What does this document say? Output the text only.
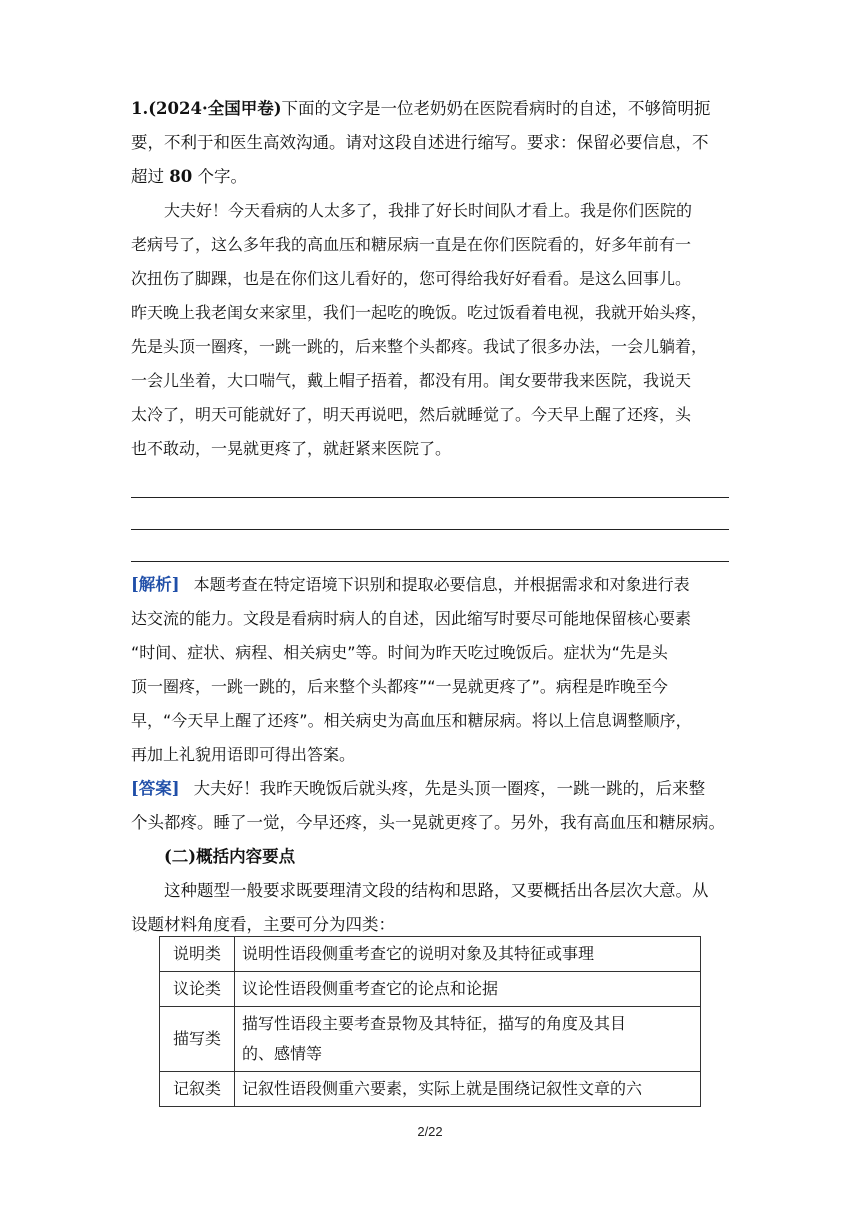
1.(2024·全国甲卷)下面的文字是一位老奶奶在医院看病时的自述，不够简明扼
要，不利于和医生高效沟通。请对这段自述进行缩写。要求：保留必要信息，不
超过 80 个字。
大夫好！今天看病的人太多了，我排了好长时间队才看上。我是你们医院的
老病号了，这么多年我的高血压和糖尿病一直是在你们医院看的，好多年前有一
次扭伤了脚踝，也是在你们这儿看好的，您可得给我好好看看。是这么回事儿。
昨天晚上我老闺女来家里，我们一起吃的晚饭。吃过饭看着电视，我就开始头疼，
先是头顶一圈疼，一跳一跳的，后来整个头都疼。我试了很多办法，一会儿躺着，
一会儿坐着，大口喘气，戴上帽子捂着，都没有用。闺女要带我来医院，我说天
太冷了，明天可能就好了，明天再说吧，然后就睡觉了。今天早上醒了还疼，头
也不敢动，一晃就更疼了，就赶紧来医院了。
[解析] 本题考查在特定语境下识别和提取必要信息，并根据需求和对象进行表
达交流的能力。文段是看病时病人的自述，因此缩写时要尽可能地保留核心要素
“时间、症状、病程、相关病史”等。时间为昨天吃过晚饭后。症状为“先是头
顶一圈疼，一跳一跳的，后来整个头都疼”“一晃就更疼了”。病程是昨晚至今
早，“今天早上醒了还疼”。相关病史为高血压和糖尿病。将以上信息调整顺序，
再加上礼貌用语即可得出答案。
[答案] 大夫好！我昨天晚饭后就头疼，先是头顶一圈疼，一跳一跳的，后来整
个头都疼。睡了一觉，今早还疼，头一晃就更疼了。另外，我有高血压和糖尿病。
(二)概括内容要点
这种题型一般要求既要理清文段的结构和思路，又要概括出各层次大意。从
设题材料角度看，主要可分为四类：
说明类	说明性语段侧重考查它的说明对象及其特征或事理
议论类	议论性语段侧重考查它的论点和论据
描写类	描写性语段主要考查景物及其特征，描写的角度及其目
的、感情等

记叙类	记叙性语段侧重六要素，实际上就是围绕记叙性文章的六
2/22
